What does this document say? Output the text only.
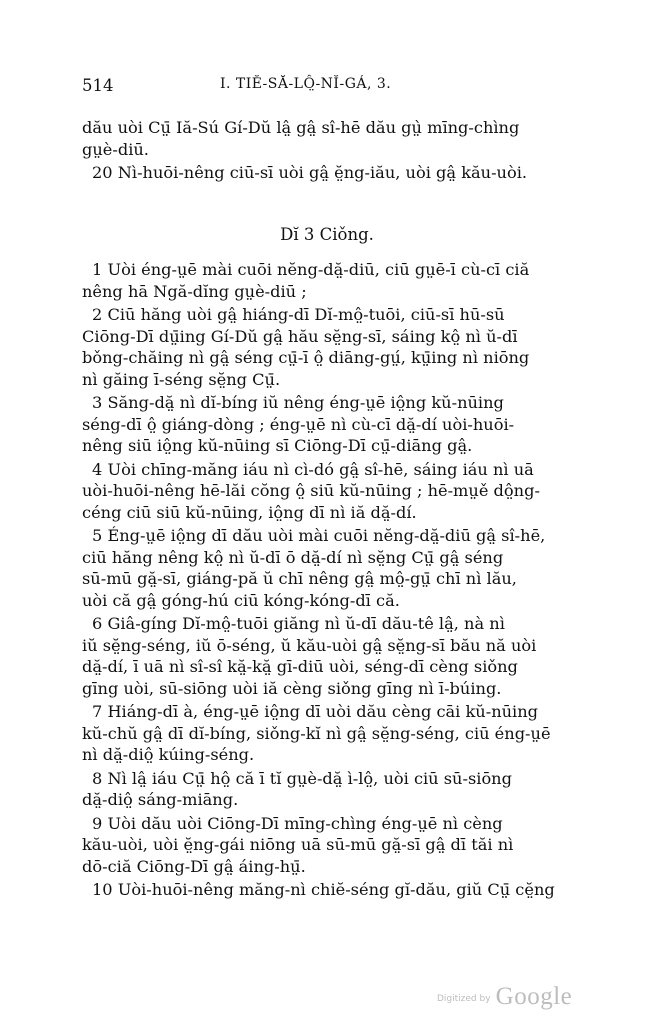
514	I. TIĔ-SĂ-LÔ̤-NĬ-GÁ, 3.
dău uòi Cṳ̄ Iă-Sú Gí-Dŭ lâ̤ gâ̤ sî-hē dău gṳ̀ mīng-chìng
gṳè-diū.
20 Nì-huōi-nêng ciū-sī uòi gâ̤ ĕ̤ng-iău, uòi gâ̤ kău-uòi.
Dĭ 3 Ciǒng.
1 Uòi éng-ṳē mài cuōi nĕng-dă̤-diū, ciū gṳē-ī cù-cī ciă
nêng hā Ngă-dĭng gṳè-diū ;
2 Ciū hăng uòi gâ̤ hiáng-dī Dĭ-mô̤-tuōi, ciū-sī hū-sū
Ciōng-Dī dṳ̄ing Gí-Dŭ gâ̤ hău sĕ̤ng-sī, sáing kô̤ nì ŭ-dī
bǒng-chăing nì gâ̤ séng cṳ̄-ī ô̤ diāng-gṳ́, kṳ̄ing nì niōng
nì găing ī-séng sĕ̤ng Cṳ̄.
3 Săng-dă̤ nì dĭ-bíng iŭ nêng éng-ṳē iô̤ng kŭ-nūing
séng-dī ô̤ giáng-dòng ; éng-ṳē nì cù-cī dă̤-dí uòi-huōi-
nêng siū iô̤ng kŭ-nūing sī Ciōng-Dī cṳ̄-diāng gâ̤.
4 Uòi chīng-măng iáu nì cì-dó gâ̤ sî-hē, sáing iáu nì uā
uòi-huōi-nêng hē-lăi cŏng ô̤ siū kŭ-nūing ; hē-mṳě dô̤ng-
céng ciū siū kŭ-nūing, iô̤ng dī nì iă dă̤-dí.
5 Éng-ṳē iô̤ng dī dău uòi mài cuōi nĕng-dă̤-diū gâ̤ sî-hē,
ciū hăng nêng kô̤ nì ŭ-dī ō dă̤-dí nì sĕ̤ng Cṳ̄ gâ̤ séng
sū-mū gă̤-sī, giáng-pă ŭ chī nêng gâ̤ mô̤-gṳ̄ chī nì lău,
uòi că gâ̤ góng-hú ciū kóng-kóng-dī că.
6 Giâ-gíng Dĭ-mô̤-tuōi giăng nì ŭ-dī dău-tê lâ̤, nà nì
iŭ sĕ̤ng-séng, iŭ ō-séng, ŭ kău-uòi gâ̤ sĕ̤ng-sī bău nă uòi
dă̤-dí, ī uā nì sî-sî kă̤-kă̤ gī-diū uòi, séng-dī cèng siǒng
gīng uòi, sū-siōng uòi iă cèng siǒng gīng nì ī-búing.
7 Hiáng-dī à, éng-ṳē iô̤ng dī uòi dău cèng cāi kŭ-nūing
kŭ-chŭ gâ̤ dī dĭ-bíng, siǒng-kĭ nì gâ̤ sĕ̤ng-séng, ciū éng-ṳē
nì dă̤-diô̤ kúing-séng.
8 Nì lâ̤ iáu Cṳ̄ hô̤ că ī tĭ gṳè-dă̤ ì-lô̤, uòi ciū sū-siōng
dă̤-diô̤ sáng-miāng.
9 Uòi dău uòi Ciōng-Dī mīng-chìng éng-ṳē nì cèng
kău-uòi, uòi ĕ̤ng-gái niōng uā sū-mū gă̤-sī gâ̤ dī tăi nì
dō-ciă Ciōng-Dī gâ̤ áing-hṳ̄.
10 Uòi-huōi-nêng măng-nì chiĕ-séng gĭ-dău, giŭ Cṳ̄ cĕ̤ng
Digitized by Google
